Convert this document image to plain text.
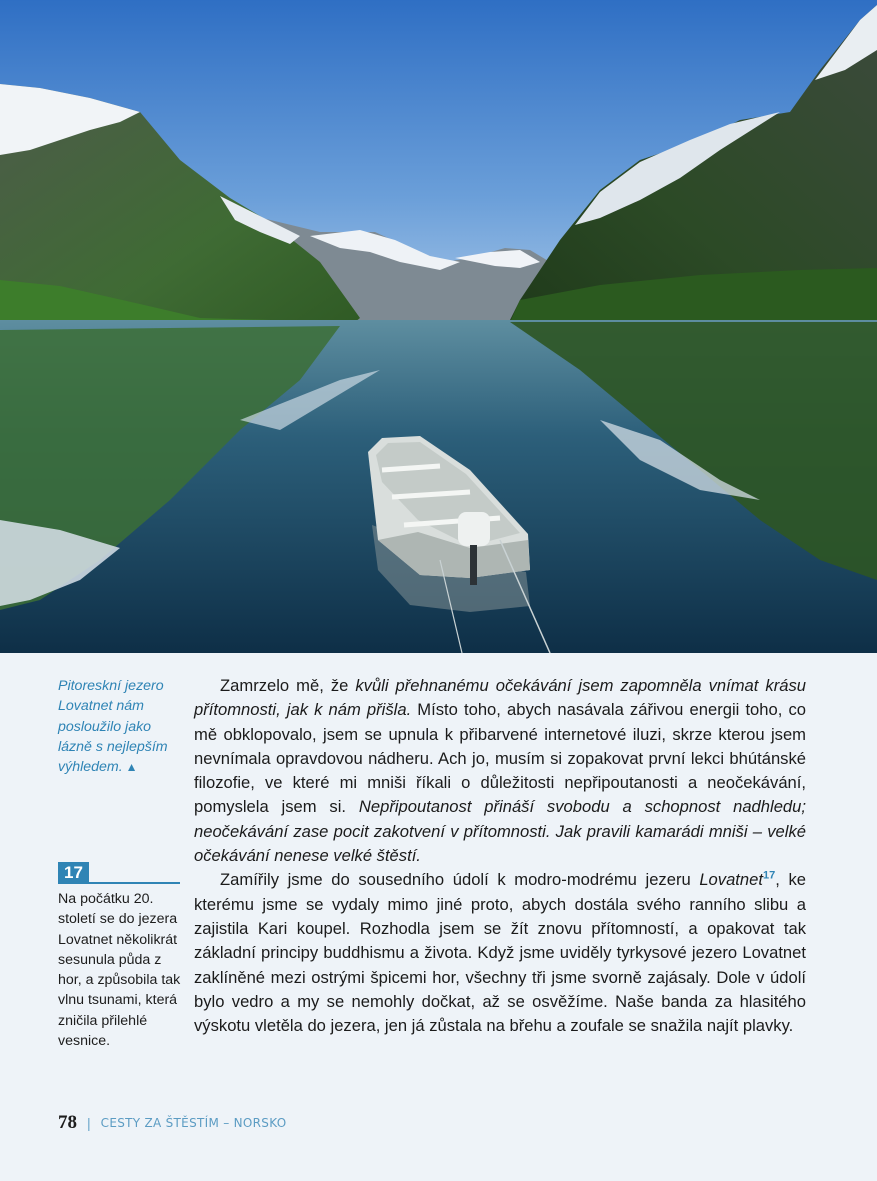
Pitoreskní jezero Lovatnet nám posloužilo jako lázně s nejlepším výhledem. ▲
17
Na počátku 20. století se do jezera Lovatnet několikrát sesunula půda z hor, a způsobila tak vlnu tsunami, která zničila přilehlé vesnice.

Zamrzelo mě, že kvůli přehnanému očekávání jsem zapomněla vnímat krásu přítomnosti, jak k nám přišla. Místo toho, abych nasávala zářivou energii toho, co mě obklopovalo, jsem se upnula k přibarvené internetové iluzi, skrze kterou jsem nevnímala opravdovou nádheru. Ach jo, musím si zopakovat první lekci bhútánské filozofie, ve které mi mniši říkali o důležitosti nepřipoutanosti a neočekávání, pomyslela jsem si. Nepřipoutanost přináší svobodu a schopnost nadhledu; neočekávání zase pocit zakotvení v přítomnosti. Jak pravili kamarádi mniši – velké očekávání nenese velké štěstí.

Zamířily jsme do sousedního údolí k modro-modrému jezeru Lovatnet$^{17}$, ke kterému jsme se vydaly mimo jiné proto, abych dostála svého ranního slibu a zajistila Kari koupel. Rozhodla jsem se žít znovu přítomností, a opakovat tak základní principy buddhismu a života. Když jsme uviděly tyrkysové jezero Lovatnet zaklíněné mezi ostrými špicemi hor, všechny tři jsme svorně zajásaly. Dole v údolí bylo vedro a my se nemohly dočkat, až se osvěžíme. Naše banda za hlasitého výskotu vletěla do jezera, jen já zůstala na břehu a zoufale se snažila najít plavky.

78 | CESTY ZA ŠTĚSTÍM – NORSKO
